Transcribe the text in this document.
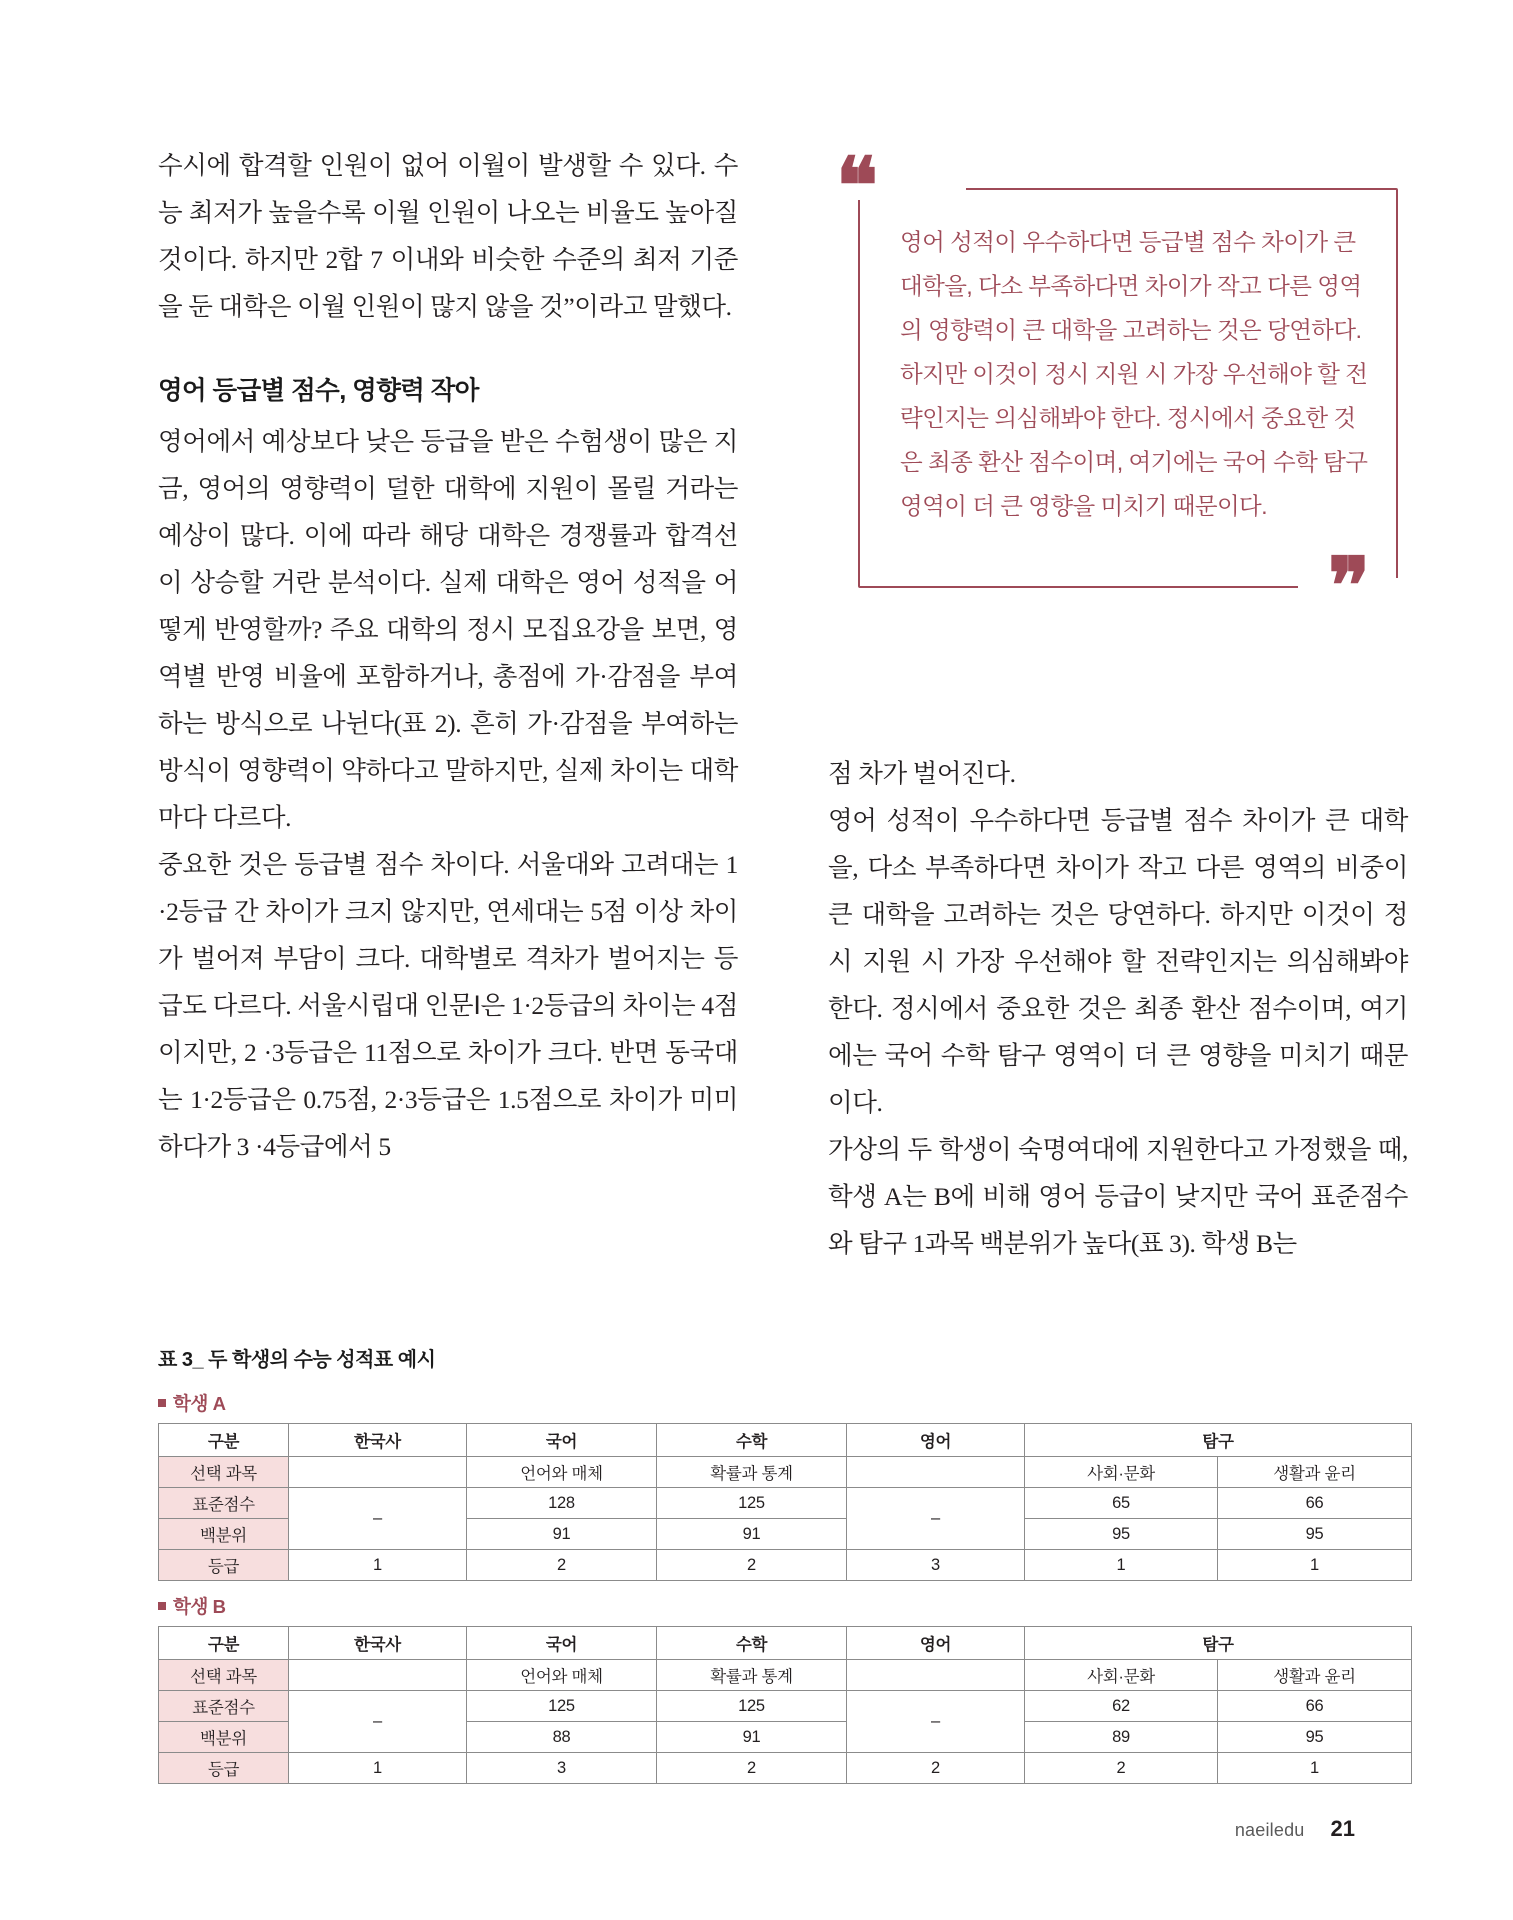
수시에 합격할 인원이 없어 이월이 발생할 수 있다. 수능 최저가 높을수록 이월 인원이 나오는 비율도 높아질 것이다. 하지만 2합 7 이내와 비슷한 수준의 최저 기준을 둔 대학은 이월 인원이 많지 않을 것”이라고 말했다.

영어 등급별 점수, 영향력 작아

영어에서 예상보다 낮은 등급을 받은 수험생이 많은 지금, 영어의 영향력이 덜한 대학에 지원이 몰릴 거라는 예상이 많다. 이에 따라 해당 대학은 경쟁률과 합격선이 상승할 거란 분석이다. 실제 대학은 영어 성적을 어떻게 반영할까? 주요 대학의 정시 모집요강을 보면, 영역별 반영 비율에 포함하거나, 총점에 가·감점을 부여하는 방식으로 나뉜다(표 2). 흔히 가·감점을 부여하는 방식이 영향력이 약하다고 말하지만, 실제 차이는 대학마다 다르다.

중요한 것은 등급별 점수 차이다. 서울대와 고려대는 1 ·2등급 간 차이가 크지 않지만, 연세대는 5점 이상 차이가 벌어져 부담이 크다. 대학별로 격차가 벌어지는 등급도 다르다. 서울시립대 인문Ⅰ은 1·2등급의 차이는 4점이지만, 2 ·3등급은 11점으로 차이가 크다. 반면 동국대는 1·2등급은 0.75점, 2·3등급은 1.5점으로 차이가 미미하다가 3 ·4등급에서 5

❝
영어 성적이 우수하다면 등급별 점수 차이가 큰 대학을, 다소 부족하다면 차이가 작고 다른 영역의 영향력이 큰 대학을 고려하는 것은 당연하다. 하지만 이것이 정시 지원 시 가장 우선해야 할 전략인지는 의심해봐야 한다. 정시에서 중요한 것은 최종 환산 점수이며, 여기에는 국어 수학 탐구 영역이 더 큰 영향을 미치기 때문이다.
❞

점 차가 벌어진다.

영어 성적이 우수하다면 등급별 점수 차이가 큰 대학을, 다소 부족하다면 차이가 작고 다른 영역의 비중이 큰 대학을 고려하는 것은 당연하다. 하지만 이것이 정시 지원 시 가장 우선해야 할 전략인지는 의심해봐야 한다. 정시에서 중요한 것은 최종 환산 점수이며, 여기에는 국어 수학 탐구 영역이 더 큰 영향을 미치기 때문이다.

가상의 두 학생이 숙명여대에 지원한다고 가정했을 때, 학생 A는 B에 비해 영어 등급이 낮지만 국어 표준점수와 탐구 1과목 백분위가 높다(표 3). 학생 B는

표 3_ 두 학생의 수능 성적표 예시
학생 A
구분	한국사	국어	수학	영어	탐구	
선택 과목		언어와 매체	확률과 통계		사회·문화	생활과 윤리
표준점수	–	128	125	–	65	66
백분위		91	91		95	95
등급	1	2	2	3	1	1
학생 B
구분	한국사	국어	수학	영어	탐구	
선택 과목		언어와 매체	확률과 통계		사회·문화	생활과 윤리
표준점수	–	125	125	–	62	66
백분위		88	91		89	95
등급	1	3	2	2	2	1
naeiledu 21
